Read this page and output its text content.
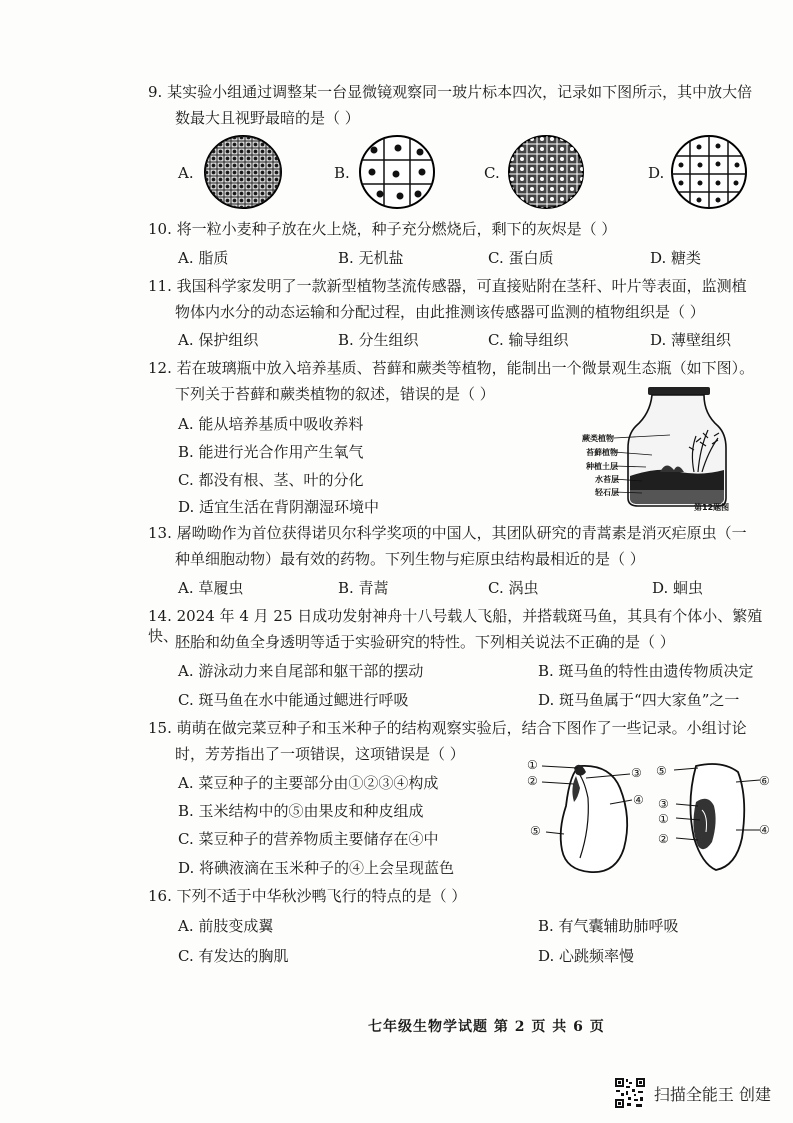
9. 某实验小组通过调整某一台显微镜观察同一玻片标本四次，记录如下图所示，其中放大倍
数最大且视野最暗的是（ ）
A.	B.	C.	D.
10. 将一粒小麦种子放在火上烧，种子充分燃烧后，剩下的灰烬是（ ）
A. 脂质	B. 无机盐	C. 蛋白质	D. 糖类
11. 我国科学家发明了一款新型植物茎流传感器，可直接贴附在茎秆、叶片等表面，监测植
物体内水分的动态运输和分配过程，由此推测该传感器可监测的植物组织是（ ）
A. 保护组织	B. 分生组织	C. 输导组织	D. 薄壁组织
12. 若在玻璃瓶中放入培养基质、苔藓和蕨类等植物，能制出一个微景观生态瓶（如下图）。
下列关于苔藓和蕨类植物的叙述，错误的是（ ）
A. 能从培养基质中吸收养料
B. 能进行光合作用产生氧气
C. 都没有根、茎、叶的分化
D. 适宜生活在背阴潮湿环境中
蕨类植物
苔藓植物
种植土层
水苔层
轻石层
第12题图
13. 屠呦呦作为首位获得诺贝尔科学奖项的中国人，其团队研究的青蒿素是消灭疟原虫（一
种单细胞动物）最有效的药物。下列生物与疟原虫结构最相近的是（ ）
A. 草履虫	B. 青蒿	C. 涡虫	D. 蛔虫
14. 2024 年 4 月 25 日成功发射神舟十八号载人飞船，并搭载斑马鱼，其具有个体小、繁殖快、
胚胎和幼鱼全身透明等适于实验研究的特性。下列相关说法不正确的是（ ）
A. 游泳动力来自尾部和躯干部的摆动	B. 斑马鱼的特性由遗传物质决定
C. 斑马鱼在水中能通过鳃进行呼吸	D. 斑马鱼属于“四大家鱼”之一
15. 萌萌在做完菜豆种子和玉米种子的结构观察实验后，结合下图作了一些记录。小组讨论
时，芳芳指出了一项错误，这项错误是（ ）
A. 菜豆种子的主要部分由①②③④构成
B. 玉米结构中的⑤由果皮和种皮组成
C. 菜豆种子的营养物质主要储存在④中
D. 将碘液滴在玉米种子的④上会呈现蓝色
①
②
③
④
⑤
⑤
③
①
②
⑥
④
16. 下列不适于中华秋沙鸭飞行的特点的是（ ）
A. 前肢变成翼	B. 有气囊辅助肺呼吸
C. 有发达的胸肌	D. 心跳频率慢
七年级生物学试题 第 2 页 共 6 页
扫描全能王 创建
